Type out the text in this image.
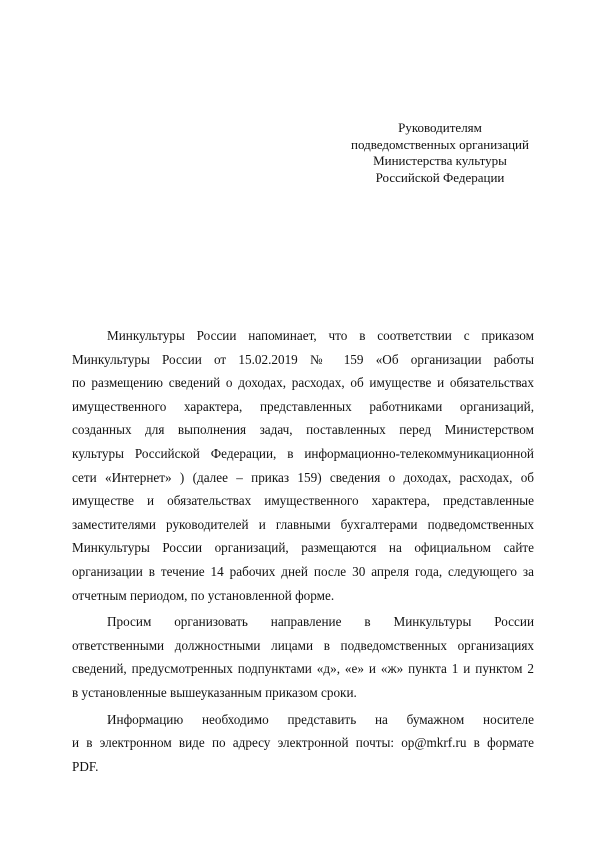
Руководителям
подведомственных организаций
Министерства культуры
Российской Федерации
Минкультуры России напоминает, что в соответствии с приказом
Минкультуры России от 15.02.2019 № 159 «Об организации работы
по размещению сведений о доходах, расходах, об имуществе и обязательствах
имущественного характера, представленных работниками организаций,
созданных для выполнения задач, поставленных перед Министерством
культуры Российской Федерации, в информационно-телекоммуникационной
сети «Интернет» ) (далее – приказ 159) сведения о доходах, расходах, об
имуществе и обязательствах имущественного характера, представленные
заместителями руководителей и главными бухгалтерами подведомственных
Минкультуры России организаций, размещаются на официальном сайте
организации в течение 14 рабочих дней после 30 апреля года, следующего за
отчетным периодом, по установленной форме.
Просим организовать направление в Минкультуры России
ответственными должностными лицами в подведомственных организациях
сведений, предусмотренных подпунктами «д», «е» и «ж» пункта 1 и пунктом 2
в установленные вышеуказанным приказом сроки.
Информацию необходимо представить на бумажном носителе
и в электронном виде по адресу электронной почты: op@mkrf.ru в формате
PDF.
